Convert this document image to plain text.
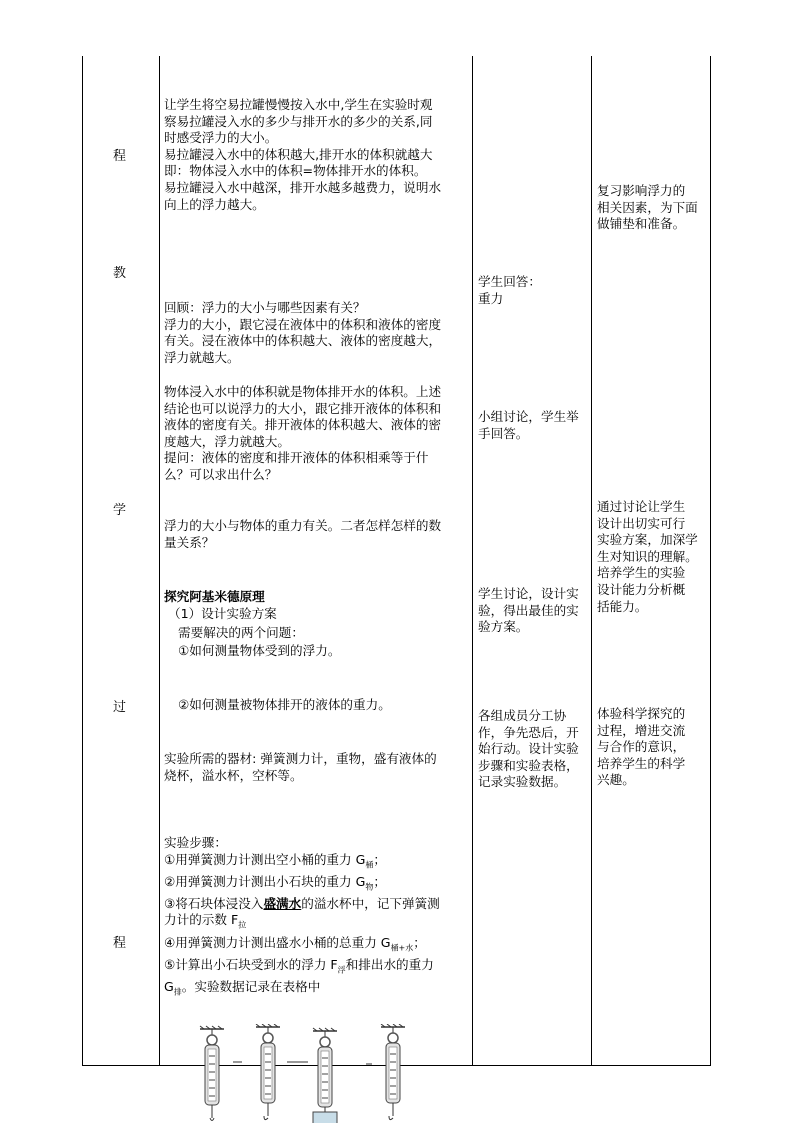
程
教
学
过
程
让学生将空易拉罐慢慢按入水中,学生在实验时观
察易拉罐浸入水的多少与排开水的多少的关系,同
时感受浮力的大小。
易拉罐浸入水中的体积越大,排开水的体积就越大
即：物体浸入水中的体积=物体排开水的体积。
易拉罐浸入水中越深，排开水越多越费力，说明水
向上的浮力越大。
回顾：浮力的大小与哪些因素有关？
浮力的大小，跟它浸在液体中的体积和液体的密度
有关。浸在液体中的体积越大、液体的密度越大，
浮力就越大。
物体浸入水中的体积就是物体排开水的体积。上述
结论也可以说浮力的大小，跟它排开液体的体积和
液体的密度有关。排开液体的体积越大、液体的密
度越大，浮力就越大。
提问：液体的密度和排开液体的体积相乘等于什
么？可以求出什么？
浮力的大小与物体的重力有关。二者怎样怎样的数
量关系？
探究阿基米德原理
（1）设计实验方案
需要解决的两个问题：
①如何测量物体受到的浮力。
②如何测量被物体排开的液体的重力。
实验所需的器材: 弹簧测力计，重物，盛有液体的
烧杯，溢水杯，空杯等。
实验步骤：
①用弹簧测力计测出空小桶的重力 $G_桶$；
②用弹簧测力计测出小石块的重力 $G_物$；
③将石块体浸没入盛满水的溢水杯中，记下弹簧测
力计的示数 $F_拉$
④用弹簧测力计测出盛水小桶的总重力 $G_{桶+水}$；
⑤计算出小石块受到水的浮力 $F_浮$和排出水的重力
$G_排$。实验数据记录在表格中
学生回答：
重力
小组讨论，学生举
手回答。
学生讨论，设计实
验，得出最佳的实
验方案。
各组成员分工协
作，争先恐后，开
始行动。设计实验
步骤和实验表格，
记录实验数据。
复习影响浮力的
相关因素，为下面
做铺垫和准备。
通过讨论让学生
设计出切实可行
实验方案，加深学
生对知识的理解。
培养学生的实验
设计能力分析概
括能力。
体验科学探究的
过程，增进交流
与合作的意识，
培养学生的科学
兴趣。
